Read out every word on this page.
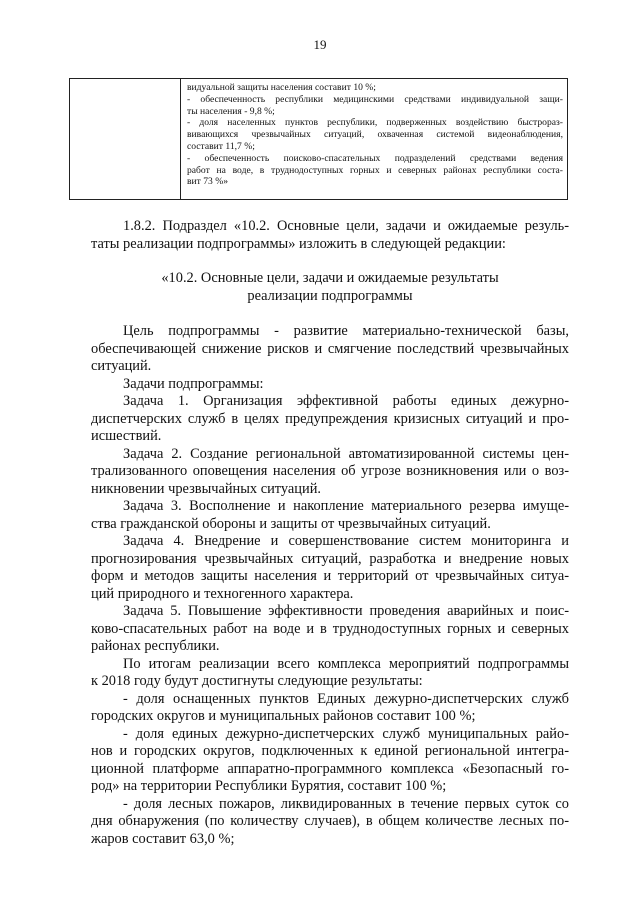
19

видуальной защиты населения составит 10 %;
- обеспеченность республики медицинскими средствами индивидуальной защи-
ты населения - 9,8 %;
- доля населенных пунктов республики, подверженных воздействию быстрораз-
вивающихся чрезвычайных ситуаций, охваченная системой видеонаблюдения,
составит 11,7 %;
- обеспеченность поисково-спасательных подразделений средствами ведения
работ на воде, в труднодоступных горных и северных районах республики соста-
вит 73 %»
1.8.2. Подраздел «10.2. Основные цели, задачи и ожидаемые резуль-
таты реализации подпрограммы» изложить в следующей редакции:
«10.2. Основные цели, задачи и ожидаемые результаты
реализации подпрограммы
Цель подпрограммы - развитие материально-технической базы,
обеспечивающей снижение рисков и смягчение последствий чрезвычайных
ситуаций.
Задачи подпрограммы:
Задача 1. Организация эффективной работы единых дежурно-
диспетчерских служб в целях предупреждения кризисных ситуаций и про-
исшествий.
Задача 2. Создание региональной автоматизированной системы цен-
трализованного оповещения населения об угрозе возникновения или о воз-
никновении чрезвычайных ситуаций.
Задача 3. Восполнение и накопление материального резерва имуще-
ства гражданской обороны и защиты от чрезвычайных ситуаций.
Задача 4. Внедрение и совершенствование систем мониторинга и
прогнозирования чрезвычайных ситуаций, разработка и внедрение новых
форм и методов защиты населения и территорий от чрезвычайных ситуа-
ций природного и техногенного характера.
Задача 5. Повышение эффективности проведения аварийных и поис-
ково-спасательных работ на воде и в труднодоступных горных и северных
районах республики.
По итогам реализации всего комплекса мероприятий подпрограммы
к 2018 году будут достигнуты следующие результаты:
- доля оснащенных пунктов Единых дежурно-диспетчерских служб
городских округов и муниципальных районов составит 100 %;
- доля единых дежурно-диспетчерских служб муниципальных райо-
нов и городских округов, подключенных к единой региональной интегра-
ционной платформе аппаратно-программного комплекса «Безопасный го-
род» на территории Республики Бурятия, составит 100 %;
- доля лесных пожаров, ликвидированных в течение первых суток со
дня обнаружения (по количеству случаев), в общем количестве лесных по-
жаров составит 63,0 %;
